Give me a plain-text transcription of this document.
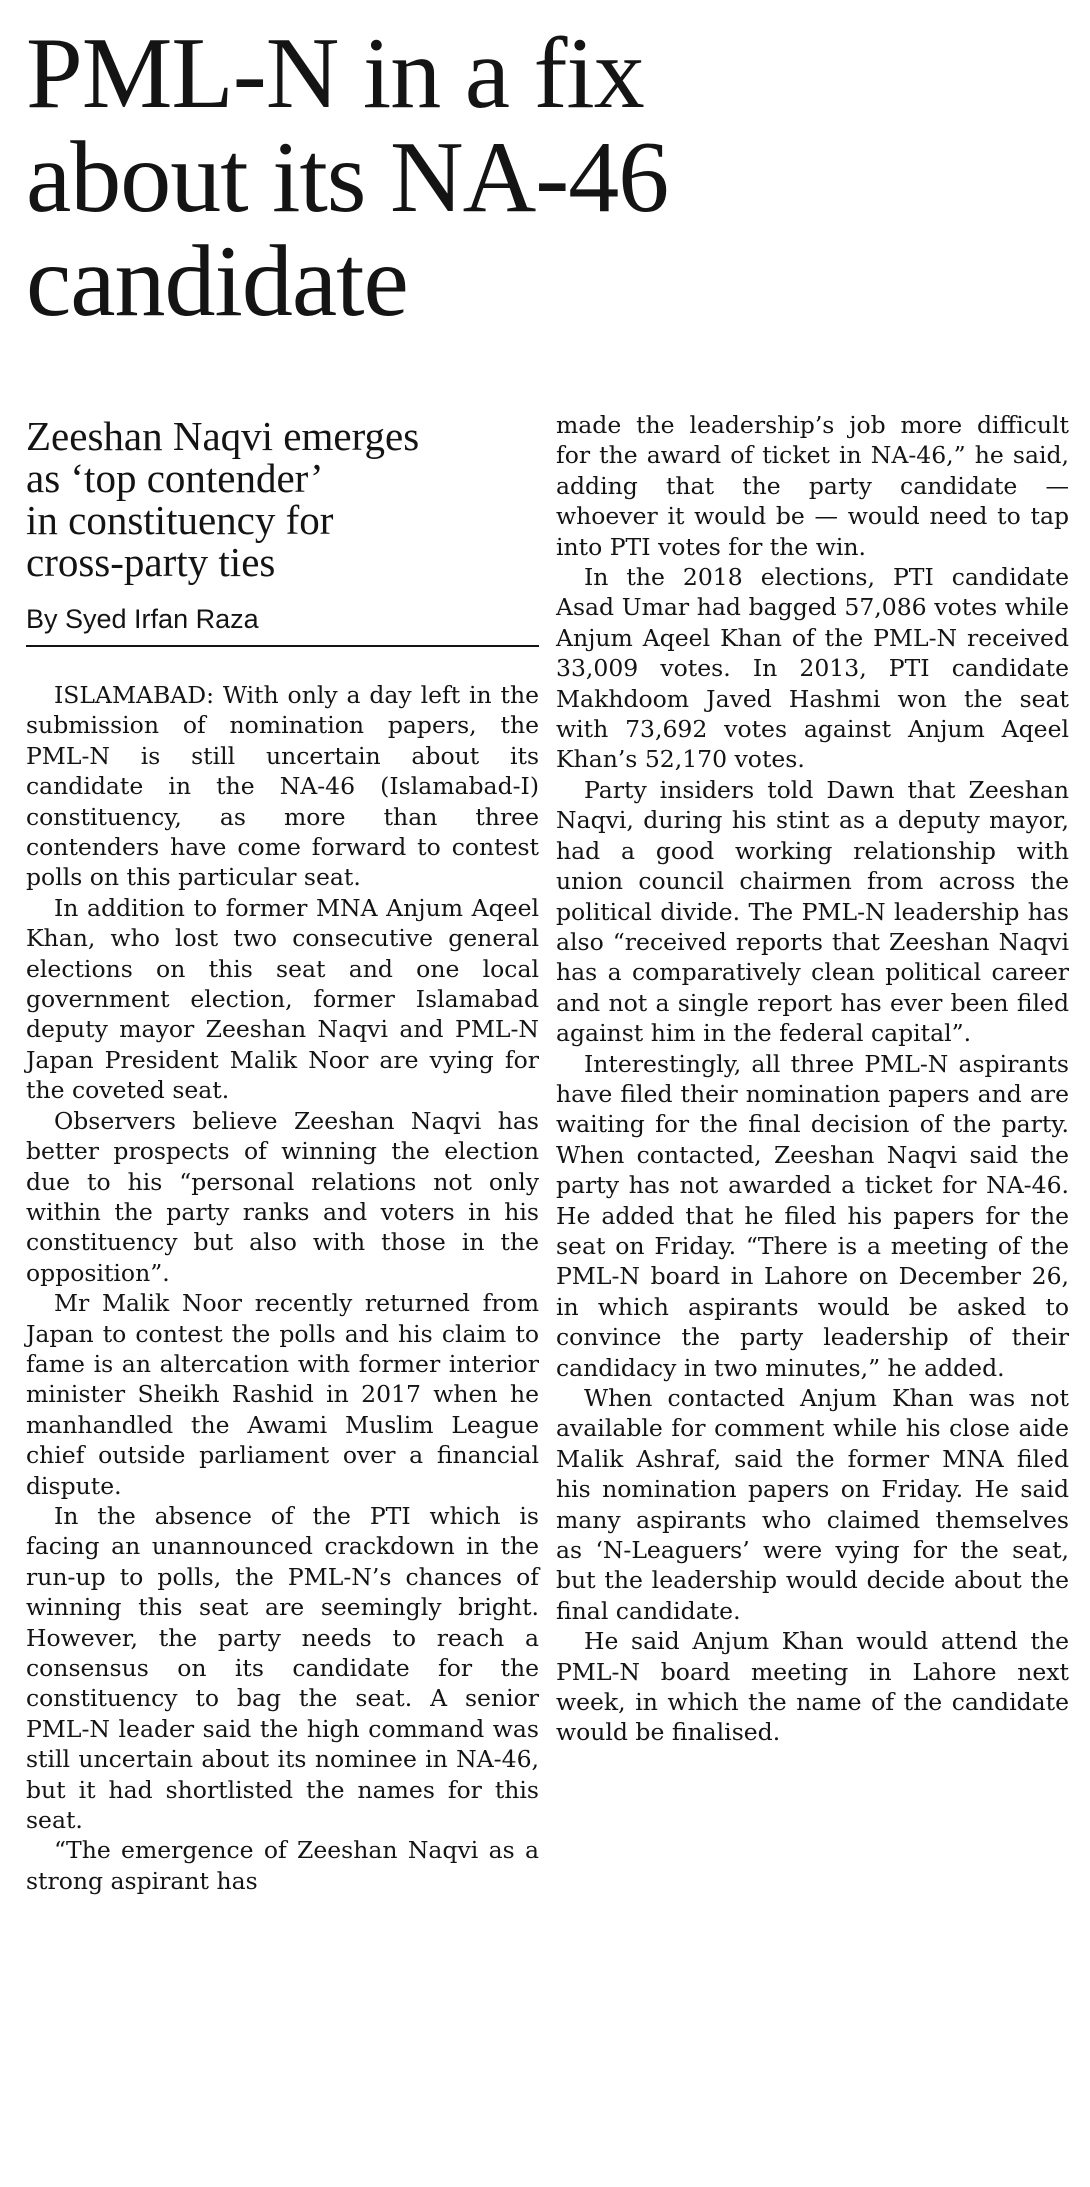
PML-N in a fix
about its NA-46
candidate
Zeeshan Naqvi emerges
as ‘top contender’
in constituency for
cross-party ties
By Syed Irfan Raza

ISLAMABAD: With only a day left in the submission of nomination papers, the PML-N is still uncertain about its candidate in the NA-46 (Islamabad-I) constituency, as more than three contenders have come forward to contest polls on this particular seat.

In addition to former MNA Anjum Aqeel Khan, who lost two consecutive general elections on this seat and one local government election, former Islamabad deputy mayor Zeeshan Naqvi and PML-N Japan President Malik Noor are vying for the coveted seat.

Observers believe Zeeshan Naqvi has better prospects of winning the election due to his “personal relations not only within the party ranks and voters in his constituency but also with those in the opposition”.

Mr Malik Noor recently returned from Japan to contest the polls and his claim to fame is an altercation with former interior minister Sheikh Rashid in 2017 when he manhandled the Awami Muslim League chief outside parliament over a financial dispute.

In the absence of the PTI which is facing an unannounced crackdown in the run-up to polls, the PML-N’s chances of winning this seat are seemingly bright. However, the party needs to reach a consensus on its candidate for the constituency to bag the seat. A senior PML-N leader said the high command was still uncertain about its nominee in NA-46, but it had shortlisted the names for this seat.

“The emergence of Zeeshan Naqvi as a strong aspirant has

made the leadership’s job more difficult for the award of ticket in NA-46,” he said, adding that the party candidate — whoever it would be — would need to tap into PTI votes for the win.

In the 2018 elections, PTI candidate Asad Umar had bagged 57,086 votes while Anjum Aqeel Khan of the PML-N received 33,009 votes. In 2013, PTI candidate Makhdoom Javed Hashmi won the seat with 73,692 votes against Anjum Aqeel Khan’s 52,170 votes.

Party insiders told Dawn that Zeeshan Naqvi, during his stint as a deputy mayor, had a good working relationship with union council chairmen from across the political divide. The PML-N leadership has also “received reports that Zeeshan Naqvi has a comparatively clean political career and not a single report has ever been filed against him in the federal capital”.

Interestingly, all three PML-N aspirants have filed their nomination papers and are waiting for the final decision of the party. When contacted, Zeeshan Naqvi said the party has not awarded a ticket for NA-46. He added that he filed his papers for the seat on Friday. “There is a meeting of the PML-N board in Lahore on December 26, in which aspirants would be asked to convince the party leadership of their candidacy in two minutes,” he added.

When contacted Anjum Khan was not available for comment while his close aide Malik Ashraf, said the former MNA filed his nomination papers on Friday. He said many aspirants who claimed themselves as ‘N-Leaguers’ were vying for the seat, but the leadership would decide about the final candidate.

He said Anjum Khan would attend the PML-N board meeting in Lahore next week, in which the name of the candidate would be finalised.
